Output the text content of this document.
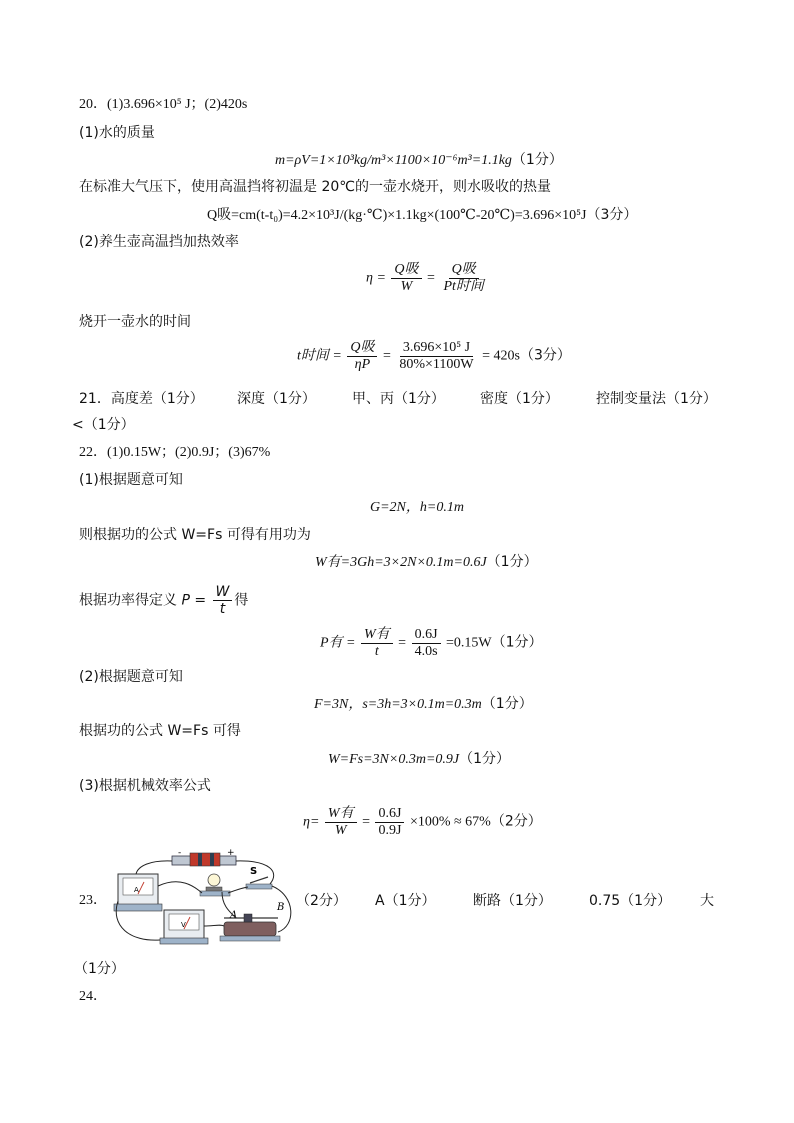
20．(1)3.696×10⁵ J；(2)420s
(1)水的质量
m=ρV=1×10³kg/m³×1100×10⁻⁶m³=1.1kg（1分）
在标准大气压下，使用高温挡将初温是 20℃的一壶水烧开，则水吸收的热量
Q吸=cm(t-t₀)=4.2×10³J/(kg·℃)×1.1kg×(100℃-20℃)=3.696×10⁵J（3分）
(2)养生壶高温挡加热效率
$\eta = \frac{\text{Q吸}}{W} = \frac{\text{Q吸}}{\text{Pt时间}}$
烧开一壶水的时间
t时间 = $\frac{\text{Q吸}}{\eta P} = \frac{\text{3.696×10⁵ J}}{80\%\times 1100W} = 420s(3$分）
21．高度差（1分） 深度（1分）	甲、丙（1分）	密度（1分）	控制变量法（1分）
<（1分）
22．(1)0.15W；(2)0.9J；(3)67%
(1)根据题意可知
G=2N，h=0.1m
则根据功的公式 W=Fs 可得有用功为
W有=3Gh=3×2N×0.1m=0.6J（1分）
根据功率得定义 $P = \frac{W}{t}$ 得
P有 = $\frac{\text{W有}}{t} = \frac{0.6J}{4.0s} =0.15W(1$分）
(2)根据题意可知
F=3N，s=3h=3×0.1m=0.3m（1分）
根据功的公式 W=Fs 可得
W=Fs=3N×0.3m=0.9J（1分）
(3)根据机械效率公式
$\eta= \frac{\text{W有}}{W} = \frac{0.6J}{0.9J} \times 100\% \approx 67\%(2$分）
23．
-	+
A
S
V
A
B （2分） A（1分）	断路（1分）	0.75（1分） 大
（1分）
24．
